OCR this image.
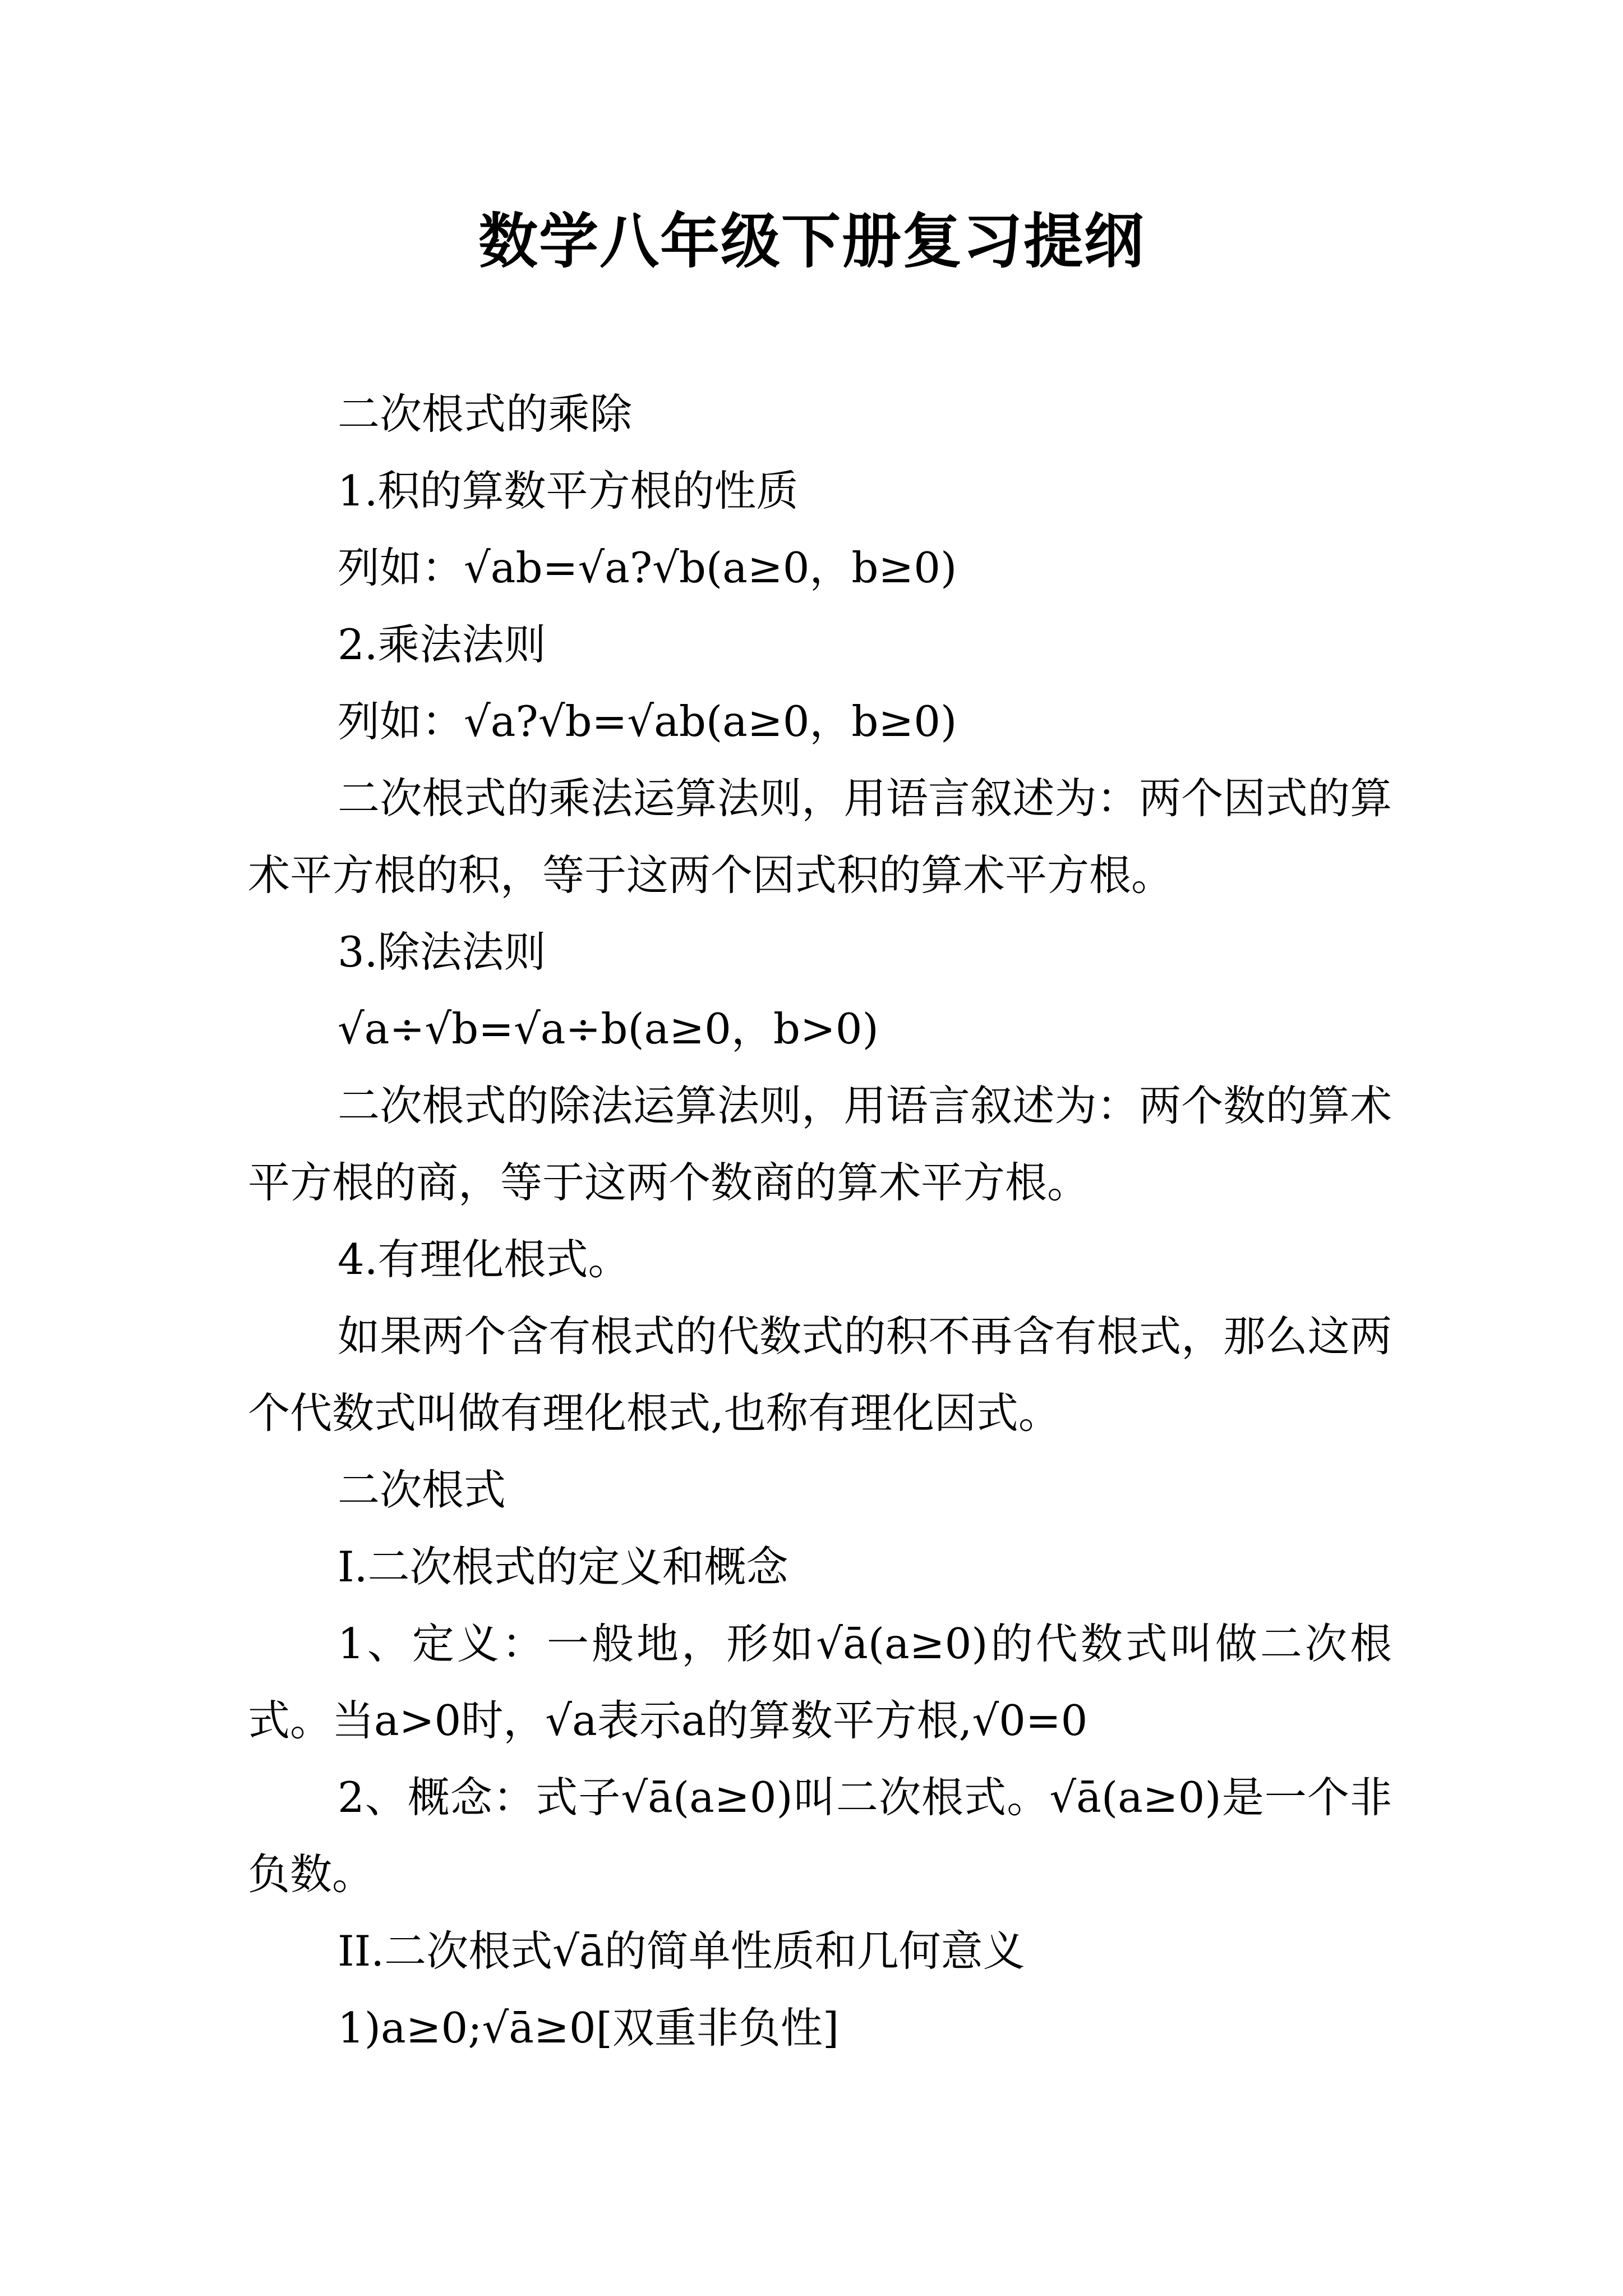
数学八年级下册复习提纲

二次根式的乘除

1.积的算数平方根的性质

列如：√ab=√a?√b(a≥0，b≥0)

2.乘法法则

列如：√a?√b=√ab(a≥0，b≥0)

二次根式的乘法运算法则，用语言叙述为：两个因式的算术平方根的积，等于这两个因式积的算术平方根。

3.除法法则

√a÷√b=√a÷b(a≥0，b>0)

二次根式的除法运算法则，用语言叙述为：两个数的算术平方根的商，等于这两个数商的算术平方根。

4.有理化根式。

如果两个含有根式的代数式的积不再含有根式，那么这两个代数式叫做有理化根式,也称有理化因式。

二次根式

I.二次根式的定义和概念

1、定义：一般地，形如√ā(a≥0)的代数式叫做二次根式。当a>0时，√a表示a的算数平方根,√0=0

2、概念：式子√ā(a≥0)叫二次根式。√ā(a≥0)是一个非负数。

II.二次根式√ā的简单性质和几何意义

1)a≥0;√ā≥0[双重非负性]
